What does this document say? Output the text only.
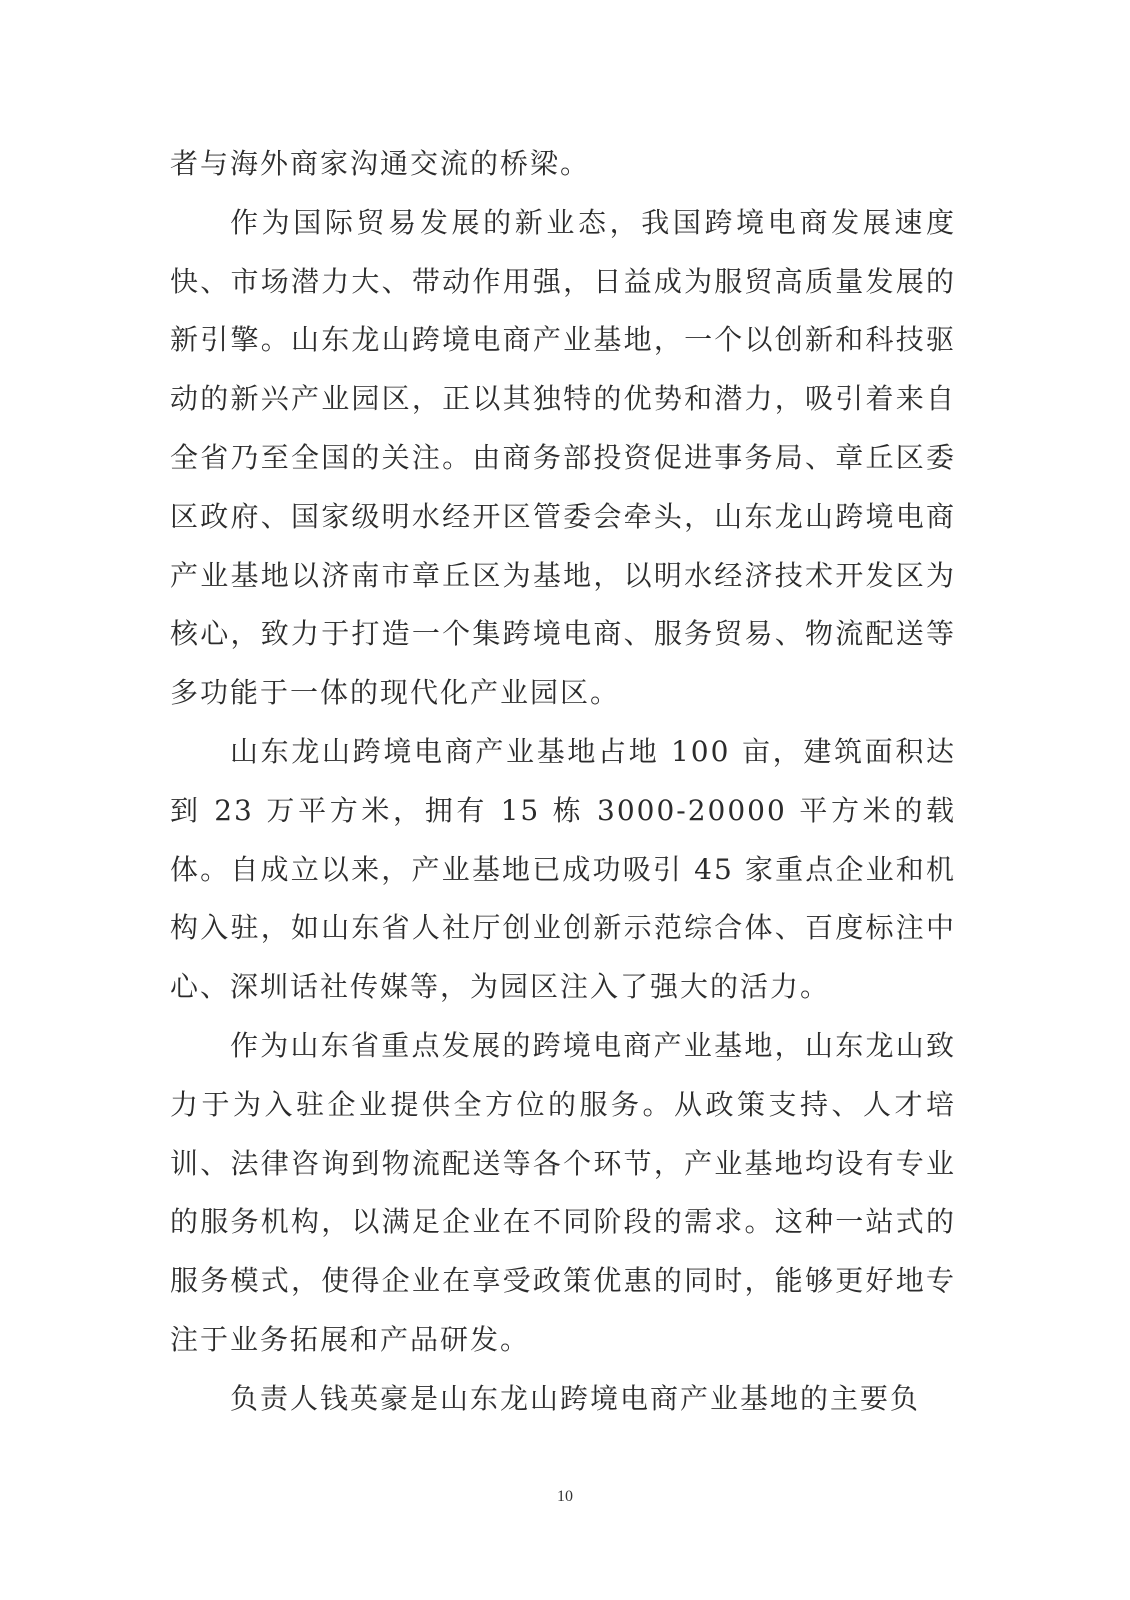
者与海外商家沟通交流的桥梁。

作为国际贸易发展的新业态，我国跨境电商发展速度快、市场潜力大、带动作用强，日益成为服贸高质量发展的新引擎。山东龙山跨境电商产业基地，一个以创新和科技驱动的新兴产业园区，正以其独特的优势和潜力，吸引着来自全省乃至全国的关注。由商务部投资促进事务局、章丘区委区政府、国家级明水经开区管委会牵头，山东龙山跨境电商产业基地以济南市章丘区为基地，以明水经济技术开发区为核心，致力于打造一个集跨境电商、服务贸易、物流配送等多功能于一体的现代化产业园区。

山东龙山跨境电商产业基地占地 100 亩，建筑面积达到 23 万平方米，拥有 15 栋 3000-20000 平方米的载体。自成立以来，产业基地已成功吸引 45 家重点企业和机构入驻，如山东省人社厅创业创新示范综合体、百度标注中心、深圳话社传媒等，为园区注入了强大的活力。

作为山东省重点发展的跨境电商产业基地，山东龙山致力于为入驻企业提供全方位的服务。从政策支持、人才培训、法律咨询到物流配送等各个环节，产业基地均设有专业的服务机构，以满足企业在不同阶段的需求。这种一站式的服务模式，使得企业在享受政策优惠的同时，能够更好地专注于业务拓展和产品研发。

负责人钱英豪是山东龙山跨境电商产业基地的主要负

10
